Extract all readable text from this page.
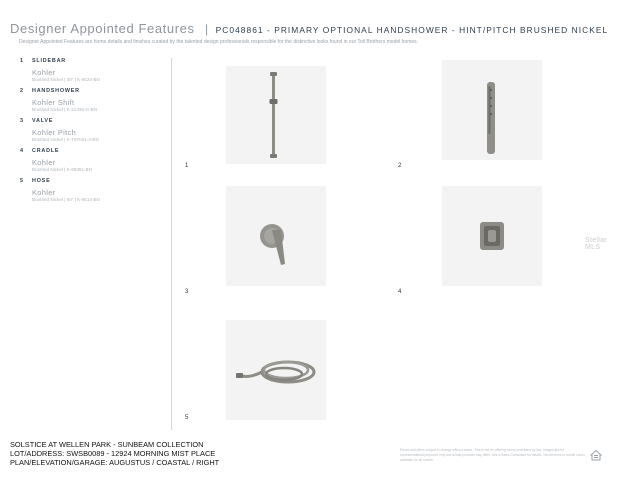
Designer Appointed Features | PC048861 - PRIMARY OPTIONAL HANDSHOWER - HINT/PITCH BRUSHED NICKEL
Designer Appointed Features are home details and finishes curated by the talented design professionals responsible for the distinctive looks found in our Toll Brothers model homes.
1 SLIDEBAR
Kohler
Brushed Nickel | 30" | K-8524-BN
2 HANDSHOWER
Kohler Shift
Brushed Nickel | K-21336-G-BN
3 VALVE
Kohler Pitch
Brushed Nickel | K-T97001-4-BN
4 CRADLE
Kohler
Brushed Nickel | K-98351-BN
5 HOSE
Kohler
Brushed Nickel | 60" | K-9514-BN
1	2
3	4
5
Stellar MLS
SOLSTICE AT WELLEN PARK - SUNBEAM COLLECTION
LOT/ADDRESS: SWSB0089 - 12924 MORNING MIST PLACE
PLAN/ELEVATION/GARAGE: AUGUSTUS / COASTAL / RIGHT
Prices and offers subject to change without notice. This is not an offering where prohibited by law. Images are for representational purposes only and actual products may differ. See a Sales Consultant for details. Not all items or model colors available for all homes.
